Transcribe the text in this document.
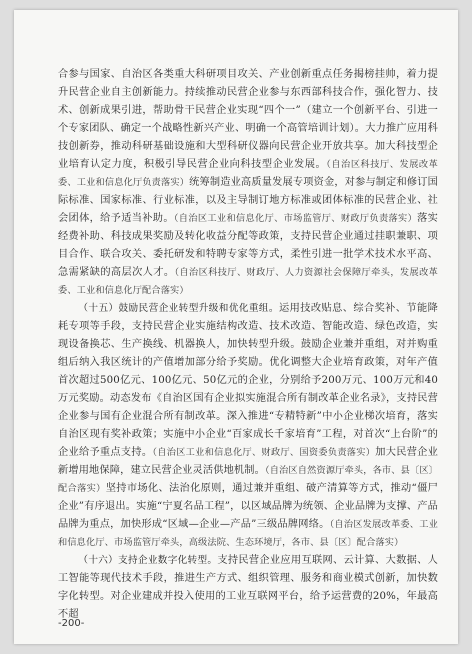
合参与国家、自治区各类重大科研项目攻关、产业创新重点任务揭榜挂帅，着力提升民营企业自主创新能力。持续推动民营企业参与东西部科技合作，强化智力、技术、创新成果引进，帮助骨干民营企业实现“四个一”（建立一个创新平台、引进一个专家团队、确定一个战略性新兴产业、明确一个高管培训计划）。大力推广应用科技创新券，推动科研基础设施和大型科研仪器向民营企业开放共享。加大科技型企业培育认定力度，积极引导民营企业向科技型企业发展。（自治区科技厅、发展改革委、工业和信息化厅负责落实）统筹制造业高质量发展专项资金，对参与制定和修订国际标准、国家标准、行业标准，以及主导制订地方标准或团体标准的民营企业、社会团体，给予适当补助。（自治区工业和信息化厅、市场监管厅、财政厅负责落实）落实经费补助、科技成果奖励及转化收益分配等政策，支持民营企业通过挂职兼职、项目合作、联合攻关、委托研发和特聘专家等方式，柔性引进一批学术技术水平高、急需紧缺的高层次人才。（自治区科技厅、财政厅、人力资源社会保障厅牵头，发展改革委、工业和信息化厅配合落实）

（十五）鼓励民营企业转型升级和优化重组。运用技改贴息、综合奖补、节能降耗专项等手段，支持民营企业实施结构改造、技术改造、智能改造、绿色改造，实现设备换芯、生产换线、机器换人，加快转型升级。鼓励企业兼并重组，对并购重组后纳入我区统计的产值增加部分给予奖励。优化调整大企业培育政策，对年产值首次超过500亿元、100亿元、50亿元的企业，分别给予200万元、100万元和40万元奖励。动态发布《自治区国有企业拟实施混合所有制改革企业名录》，支持民营企业参与国有企业混合所有制改革。深入推进“专精特新”中小企业梯次培育，落实自治区现有奖补政策；实施中小企业“百家成长千家培育”工程，对首次“上台阶”的企业给予重点支持。（自治区工业和信息化厅、财政厅、国资委负责落实）加大民营企业新增用地保障，建立民营企业灵活供地机制。（自治区自然资源厅牵头，各市、县〔区〕配合落实）坚持市场化、法治化原则，通过兼并重组、破产清算等方式，推动“僵尸企业”有序退出。实施“宁夏名品工程”，以区域品牌为统领、企业品牌为支撑、产品品牌为重点，加快形成“区域—企业—产品”三级品牌网络。（自治区发展改革委、工业和信息化厅、市场监管厅牵头，高级法院、生态环境厅，各市、县〔区〕配合落实）

（十六）支持企业数字化转型。支持民营企业应用互联网、云计算、大数据、人工智能等现代技术手段，推进生产方式、组织管理、服务和商业模式创新，加快数字化转型。对企业建成并投入使用的工业互联网平台，给予运营费的20%，年最高不超

-200-
